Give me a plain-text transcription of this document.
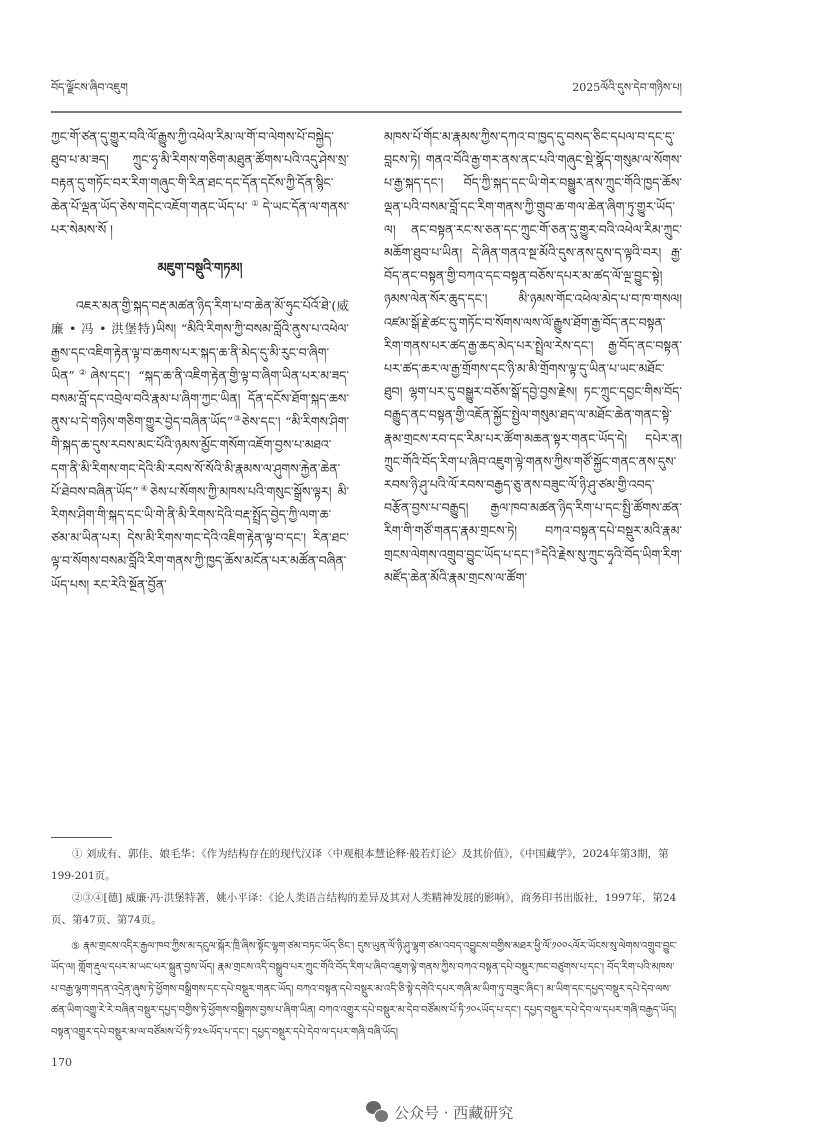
བོད་ལྗོངས་ཞིབ་འཇུག	2025ལོའི་དུས་དེབ་གཉིས་པ།

ཀྱང་གོ་ཙན་དུ་གྱུར་བའི་ལོ་རྒྱུས་ཀྱི་འཕེལ་རིམ་ལ་གོ་བ་ལེགས་པོ་བསྐྱེད་ཐུབ་པ་མ་ཟད། ཀྲུང་ཧྭ་མི་རིགས་གཅིག་མཐུན་ཚོགས་པའི་འདུ་ཤེས་སྲ་བརྟན་དུ་གཏོང་བར་རིག་གཞུང་གི་རིན་ཐང་དང་དོན་དངོས་ཀྱི་དོན་སྙིང་ཆེན་པོ་ལྡན་ཡོད་ཅེས་གདེང་འཇོག་གནང་ཡོད་པ་①དེ་ཡང་དོན་ལ་གནས་པར་སེམས་སོ །

མཇུག་བསྡུའི་གཏམ།

འཇར་མན་གྱི་སྐད་བརྡ་མཚན་ཉིད་རིག་པ་བ་ཆེན་མོ་ཧུང་པོའོ་ཐེ་(威廉 • 冯 • 洪堡特)ཡིས། “མིའི་རིགས་ཀྱི་བསམ་བློའི་ནུས་པ་འཕེལ་རྒྱས་དང་འཇིག་རྟེན་ལྟ་བ་ཆགས་པར་སྐད་ཆ་ནི་མེད་དུ་མི་རུང་བ་ཞིག་ཡིན”②ཞེས་དང་། “སྐད་ཆ་ནི་འཇིག་རྟེན་གྱི་ལྟ་བ་ཞིག་ཡིན་པར་མ་ཟད་བསམ་བློ་དང་འབྲེལ་བའི་རྣམ་པ་ཞིག་ཀྱང་ཡིན། དོན་དངོས་ཐོག་སྐད་ཆས་ནུས་པ་དེ་གཉིས་གཅིག་གྱུར་བྱེད་བཞིན་ཡོད”③ཅེས་དང་། “མི་རིགས་ཤིག་གི་སྐད་ཆ་དུས་རབས་མང་པོའི་ཉམས་མྱོང་གསོག་འཇོག་བྱས་པ་མཐའ་དག་ནི་མི་རིགས་གང་དེའི་མི་རབས་སོ་སོའི་མི་རྣམས་ལ་ཤུགས་རྐྱེན་ཆེན་པོ་ཐེབས་བཞིན་ཡོད”④ཅེས་པ་སོགས་ཀྱི་མཁས་པའི་གསུང་སྒྲོས་ལྟར། མི་རིགས་ཤིག་གི་སྐད་དང་ཡི་གེ་ནི་མི་རིགས་དེའི་བརྡ་སྤྲོད་བྱེད་ཀྱི་ལག་ཆ་ཙམ་མ་ཡིན་པར། དེས་མི་རིགས་གང་དེའི་འཇིག་རྟེན་ལྟ་བ་དང་། རིན་ཐང་ལྟ་བ་སོགས་བསམ་བློའི་རིག་གནས་ཀྱི་ཁྱད་ཆོས་མངོན་པར་མཚོན་བཞིན་ཡོད་པས། རང་རེའི་སྔོན་བྱོན་

མཁས་པོ་གོང་མ་རྣམས་ཀྱིས་དཀའ་བ་ཁྱད་དུ་བསད་ཅིང་དཔལ་བ་དང་དུ་བླངས་ཏེ། གནའ་བོའི་རྒྱ་གར་ནས་ནང་པའི་གཞུང་སྡེ་སྣོད་གསུམ་ལ་སོགས་པ་རྒྱ་སྐད་དང་། བོད་ཀྱི་སྐད་དང་ཡི་གེར་བསྒྱུར་ནས་ཀྲུང་གོའི་ཁྱད་ཆོས་ལྡན་པའི་བསམ་བློ་དང་རིག་གནས་ཀྱི་གྲུབ་ཆ་གལ་ཆེན་ཞིག་ཏུ་གྱུར་ཡོད་ལ། ནང་བསྟན་རང་ས་ཅན་དང་ཀྲུང་གོ་ཅན་དུ་གྱུར་བའི་འཕེལ་རིམ་ཀྲུང་མཆོག་ཐུབ་པ་ཡིན། དེ་ཞིན་གནའ་སྔ་མོའི་དུས་ནས་དུས་ད་ལྟའི་བར། རྒྱ་བོད་ནང་བསྟན་གྱི་བཀའ་དང་བསྟན་བཅོས་དཔར་མ་ཚད་ལོ་ལྔ་བྱུང་སྟེ། ཉམས་ལེན་སོར་ཆུད་དང་། མི་ཉམས་གོང་འཕེལ་མེད་པ་བ་ཁ་གསལ། འཛམ་སྒོ་རྗེ་ཚང་དུ་གཏོང་བ་སོགས་ལས་ལོ་རྒྱུས་ཐོག་རྒྱ་བོད་ནང་བསྟན་རིག་གནས་པར་ཚད་རྒྱ་ཆད་མེད་པར་སྤྲེལ་རེས་དང་། རྒྱ་བོད་ནང་བསྟན་པར་ཚད་ཆར་ལ་རྒྱ་གྲོགས་དང་ཉི་མ་མི་གྲོགས་ལྟ་དུ་ཡིན་པ་ཡང་མཐོང་ཐུབ། ལྷག་པར་དུ་བསྒྱུར་བཅོས་སྒོ་དབྱེ་བྱས་རྗེས། ཏང་ཀྲུང་དབྱང་གིས་བོད་བརྒྱུད་ནང་བསྟན་གྱི་འཇོན་སྐྱོང་སྤྱེལ་གསུམ་ཐད་ལ་མཐོང་ཆེན་གནང་སྟེ་རྣམ་གྲངས་རབ་དང་རིམ་པར་ཚོག་མཆན་སྟར་གནང་ཡོད་དེ། དཔེར་ན། ཀྲུང་གོའི་བོད་རིག་པ་ཞིབ་འཇུག་ལྟེ་གནས་ཀྱིས་གཙོ་སྐྱོང་གནང་ནས་དུས་རབས་ཉི་ཤུ་པའི་ལོ་རབས་བརྒྱད་ཅུ་ནས་བཟུང་ལོ་ཉི་ཤུ་ཙམ་གྱི་འབད་བརྩོན་བྱས་པ་བརྒྱུད། རྒྱལ་ཁབ་མཚན་ཉིད་རིག་པ་དང་སྤྱི་ཚོགས་ཚན་རིག་གི་གཙོ་གནད་རྣམ་གྲངས་ཏེ། བཀའ་བསྟན་དཔེ་བསྡུར་མའི་རྣམ་གྲངས་ལེགས་འགྲུབ་བྱུང་ཡོད་པ་དང་།⑤དེའི་རྗེས་སུ་ཀྲུང་ཧྭའི་བོད་ཡིག་རིག་མཛོད་ཆེན་མོའི་རྣམ་གྲངས་ལ་ཚོག་

① 刘成有、郭佳、娘毛华：《作为结构存在的现代汉译〈中观根本慧论释·般若灯论〉及其价值》，《中国藏学》，2024年第3期，第199-201页。

②③④[德] 威廉·冯·洪堡特著，姚小平译：《论人类语言结构的差异及其对人类精神发展的影响》，商务印书出版社，1997年，第24页、第47页、第74页。

⑤ རྣམ་གྲངས་འདིར་རྒྱལ་ཁབ་ཀྱིས་མ་དངུལ་སྐོར་ཁྲི་ཞིས་སྟོང་ལྷག་ཙམ་བཏང་ཡོད་ཅིང་། དུས་ཡུན་ལོ་ཉི་ཤུ་ལྷག་ཙམ་འབད་འབྱུངས་བགྱིས་མཐར་ཕྱི་ལོ་༡༠༠༨ལོར་ཡོངས་སུ་ལེགས་འགྲུབ་བྱུང་ཡོད་ལ། གློག་རྡུལ་དཔར་མ་ཡང་པར་སྐྲུན་བྱས་ཡོད། རྣམ་གྲངས་འདི་བསྒྲུབ་པར་ཀྲུང་གོའི་བོད་རིག་པ་ཞིབ་འཇུག་ལྟེ་གནས་ཀྱིས་བཀའ་བསྟན་དཔེ་བསྡུར་ཁང་བཙུགས་པ་དང་། བོད་རིག་པའི་མཁས་པ་བརྒྱ་ལྷག་གདན་འདྲེན་ཞུས་ཏེ་ཕྱོགས་བསྒྲིགས་དང་དཔེ་བསྡུར་གནང་ཡོད། བཀའ་བསྟན་དཔེ་བསྡུར་མ་འདི་ཅི་སྟེ་དགེའི་དཔར་གཞི་མ་ཡིག་ཏུ་བཟུང་ཞིང་། མ་ཡིག་དང་དཔྱད་བསྡུར་དཔེ་དེབ་ལས་ཚན་ཡིག་འགྱུ་རེ་རེ་བཞིན་བསྡུར་དཔྱད་བགྱིས་ཏེ་ཕྱོགས་བསྒྲིགས་བྱས་པ་ཞིག་ཡིན། བཀའ་འགྱུར་དཔེ་བསྡུར་མ་དེབ་བཙོམས་པོ་ཏི་༡༠༨ཡོད་པ་དང་། དཔྱད་བསྡུར་དཔེ་དེབ་ལ་དཔར་གཞི་བརྒྱད་ཡོད། བསྟན་འགྱུར་དཔེ་བསྡུར་མ་ལ་བཙོམས་པོ་ཏི་༡༢༤ཡོད་པ་དང་། དཔྱད་བསྡུར་དཔེ་དེབ་ལ་དཔར་གཞི་བཞི་ཡོད།

170
公众号 · 西藏研究
